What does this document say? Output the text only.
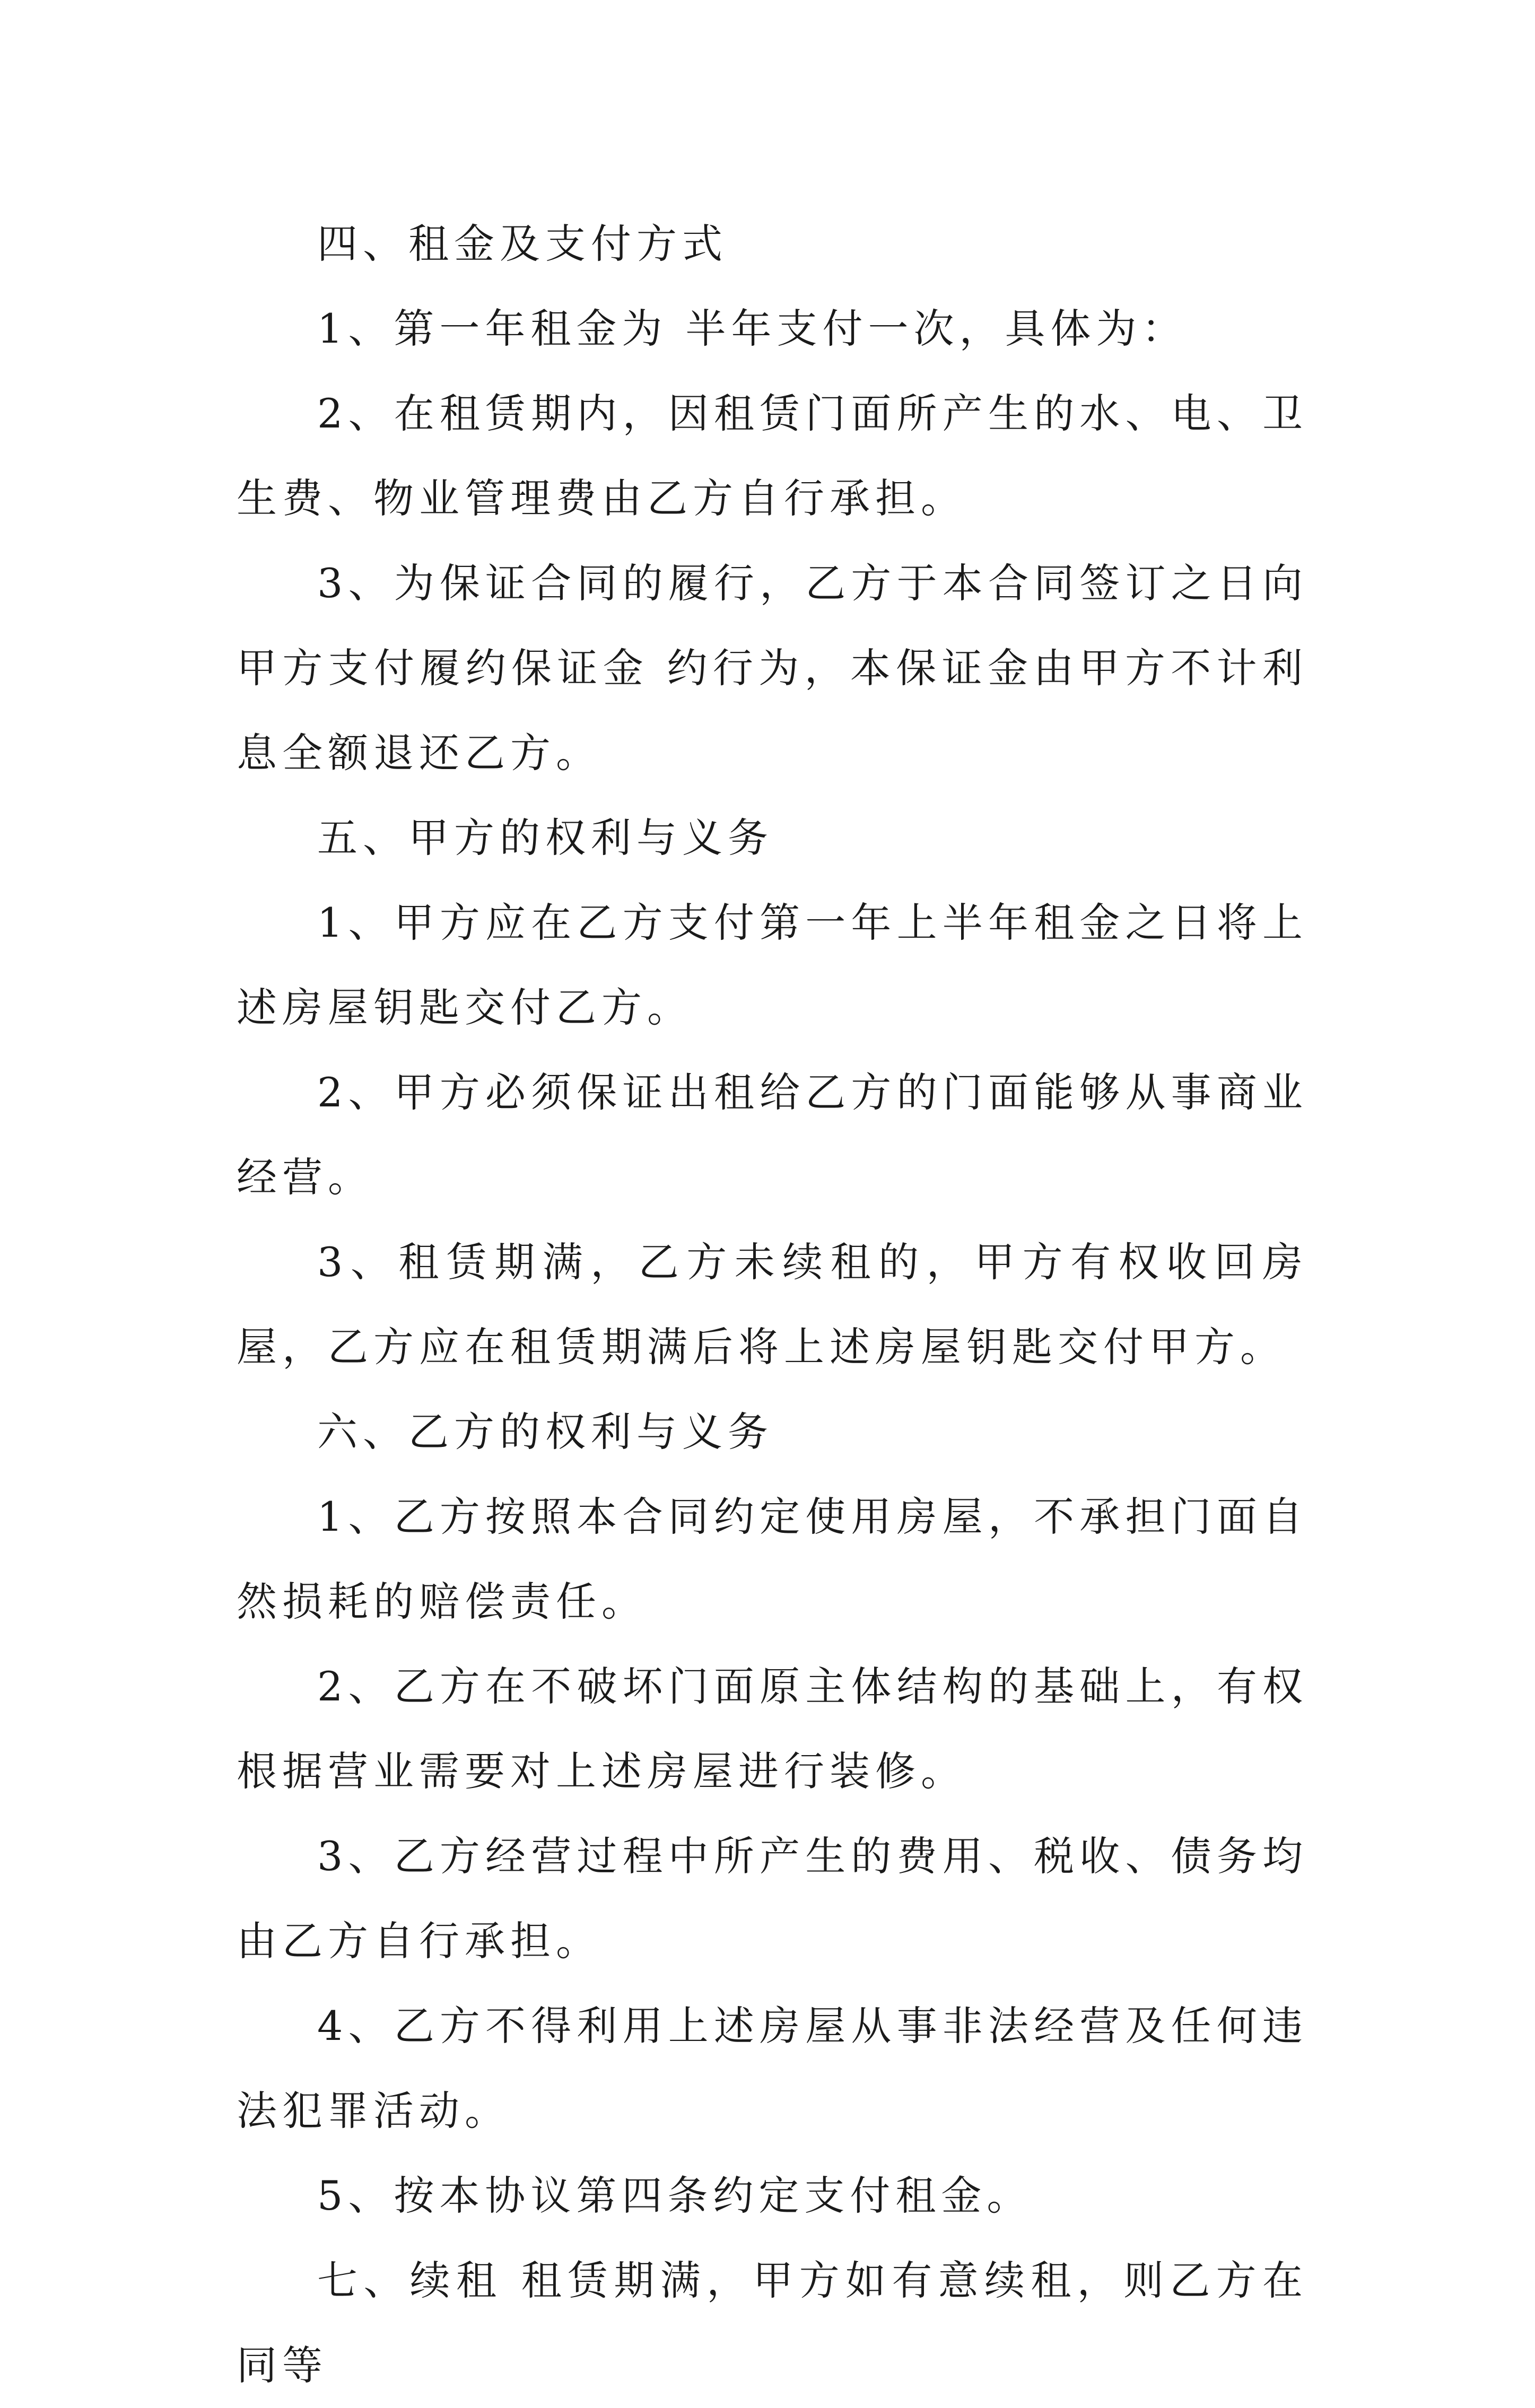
四、租金及支付方式

1、第一年租金为 半年支付一次，具体为：

2、在租赁期内，因租赁门面所产生的水、电、卫生费、物业管理费由乙方自行承担。

3、为保证合同的履行，乙方于本合同签订之日向甲方支付履约保证金 约行为，本保证金由甲方不计利息全额退还乙方。

五、甲方的权利与义务

1、甲方应在乙方支付第一年上半年租金之日将上述房屋钥匙交付乙方。

2、甲方必须保证出租给乙方的门面能够从事商业经营。

3、租赁期满，乙方未续租的，甲方有权收回房屋，乙方应在租赁期满后将上述房屋钥匙交付甲方。

六、乙方的权利与义务

1、乙方按照本合同约定使用房屋，不承担门面自然损耗的赔偿责任。

2、乙方在不破坏门面原主体结构的基础上，有权根据营业需要对上述房屋进行装修。

3、乙方经营过程中所产生的费用、税收、债务均由乙方自行承担。

4、乙方不得利用上述房屋从事非法经营及任何违法犯罪活动。

5、按本协议第四条约定支付租金。

七、续租 租赁期满，甲方如有意续租，则乙方在同等
